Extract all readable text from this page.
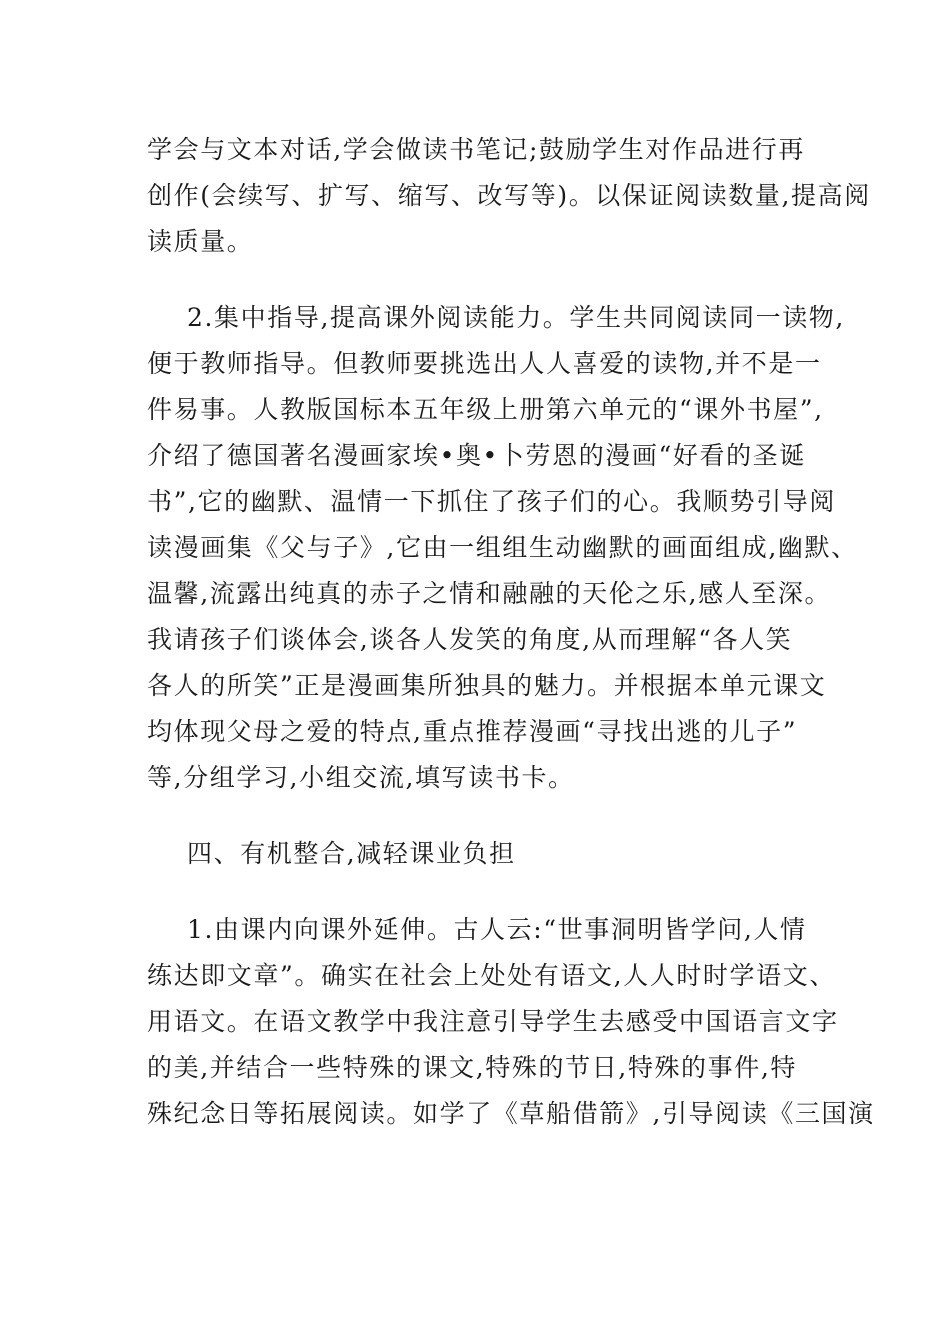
学会与文本对话,学会做读书笔记;鼓励学生对作品进行再
创作(会续写、扩写、缩写、改写等)。以保证阅读数量,提高阅
读质量。
2.集中指导,提高课外阅读能力。学生共同阅读同一读物,
便于教师指导。但教师要挑选出人人喜爱的读物,并不是一
件易事。人教版国标本五年级上册第六单元的“课外书屋”,
介绍了德国著名漫画家埃•奥•卜劳恩的漫画“好看的圣诞
书”,它的幽默、温情一下抓住了孩子们的心。我顺势引导阅
读漫画集《父与子》,它由一组组生动幽默的画面组成,幽默、
温馨,流露出纯真的赤子之情和融融的天伦之乐,感人至深。
我请孩子们谈体会,谈各人发笑的角度,从而理解“各人笑
各人的所笑”正是漫画集所独具的魅力。并根据本单元课文
均体现父母之爱的特点,重点推荐漫画“寻找出逃的儿子”
等,分组学习,小组交流,填写读书卡。
四、有机整合,减轻课业负担
1.由课内向课外延伸。古人云:“世事洞明皆学问,人情
练达即文章”。确实在社会上处处有语文,人人时时学语文、
用语文。在语文教学中我注意引导学生去感受中国语言文字
的美,并结合一些特殊的课文,特殊的节日,特殊的事件,特
殊纪念日等拓展阅读。如学了《草船借箭》,引导阅读《三国演
